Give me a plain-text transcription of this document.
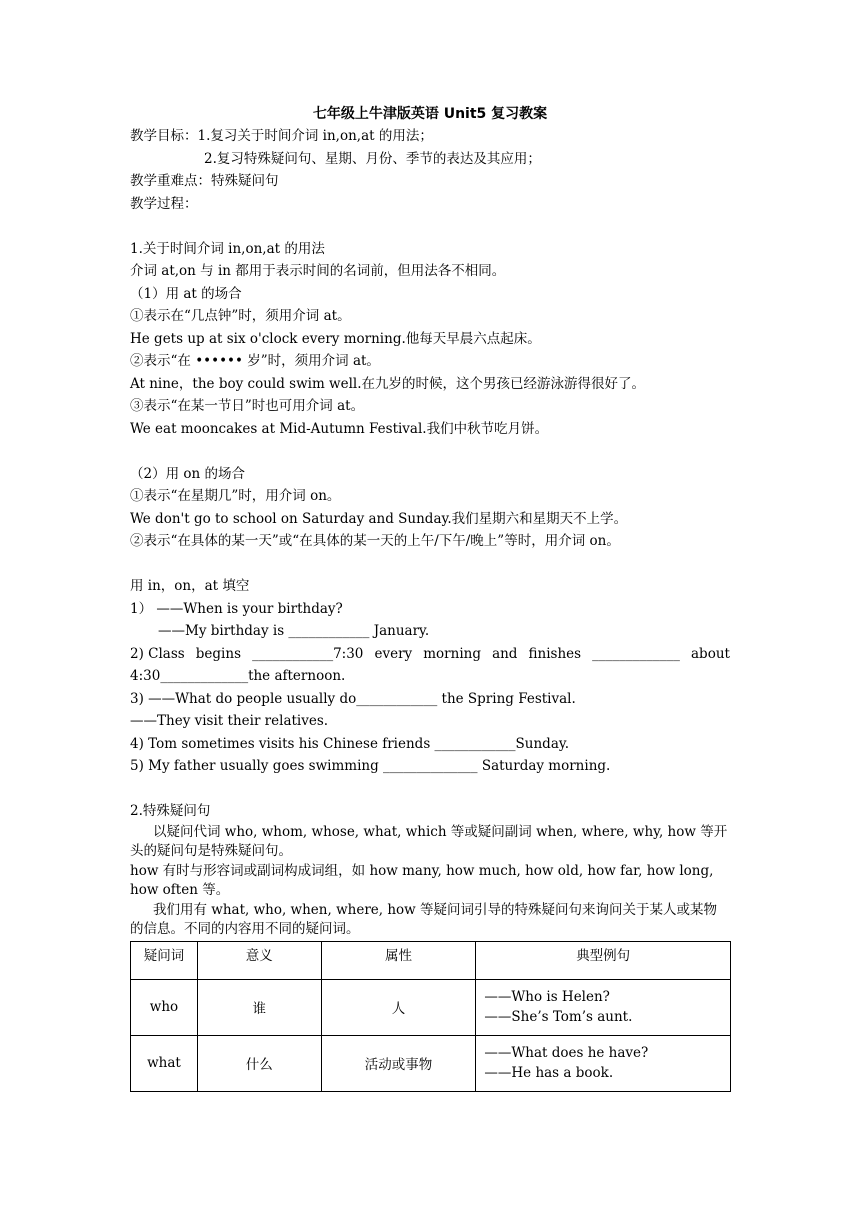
七年级上牛津版英语 Unit5 复习教案
教学目标：1.复习关于时间介词 in,on,at 的用法；
2.复习特殊疑问句、星期、月份、季节的表达及其应用；
教学重难点：特殊疑问句
教学过程：
1.关于时间介词 in,on,at 的用法
介词 at,on 与 in 都用于表示时间的名词前，但用法各不相同。
（1）用 at 的场合
①表示在“几点钟”时，须用介词 at。
He gets up at six o'clock every morning.他每天早晨六点起床。
②表示“在 •••••• 岁”时，须用介词 at。
At nine，the boy could swim well.在九岁的时候，这个男孩已经游泳游得很好了。
③表示“在某一节日”时也可用介词 at。
We eat mooncakes at Mid-Autumn Festival.我们中秋节吃月饼。
（2）用 on 的场合
①表示“在星期几”时，用介词 on。
We don't go to school on Saturday and Sunday.我们星期六和星期天不上学。
②表示“在具体的某一天”或“在具体的某一天的上午/下午/晚上”等时，用介词 on。
用 in，on，at 填空
1） ——When is your birthday?
——My birthday is ____________ January.
2) Class begins ____________7:30 every morning and finishes _____________ about
4:30_____________the afternoon.
3) ——What do people usually do____________ the Spring Festival.
——They visit their relatives.
4) Tom sometimes visits his Chinese friends ____________Sunday.
5) My father usually goes swimming ______________ Saturday morning.
2.特殊疑问句
以疑问代词 who, whom, whose, what, which 等或疑问副词 when, where, why, how 等开头的疑问句是特殊疑问句。
how 有时与形容词或副词构成词组，如 how many, how much, how old, how far, how long, how often 等。
我们用有 what, who, when, where, how 等疑问词引导的特殊疑问句来询问关于某人或某物的信息。不同的内容用不同的疑问词。
疑问词	意义	属性	典型例句
who	谁	人	——Who is Helen?
——She’s Tom’s aunt.

what	什么	活动或事物	——What does he have?
——He has a book.
